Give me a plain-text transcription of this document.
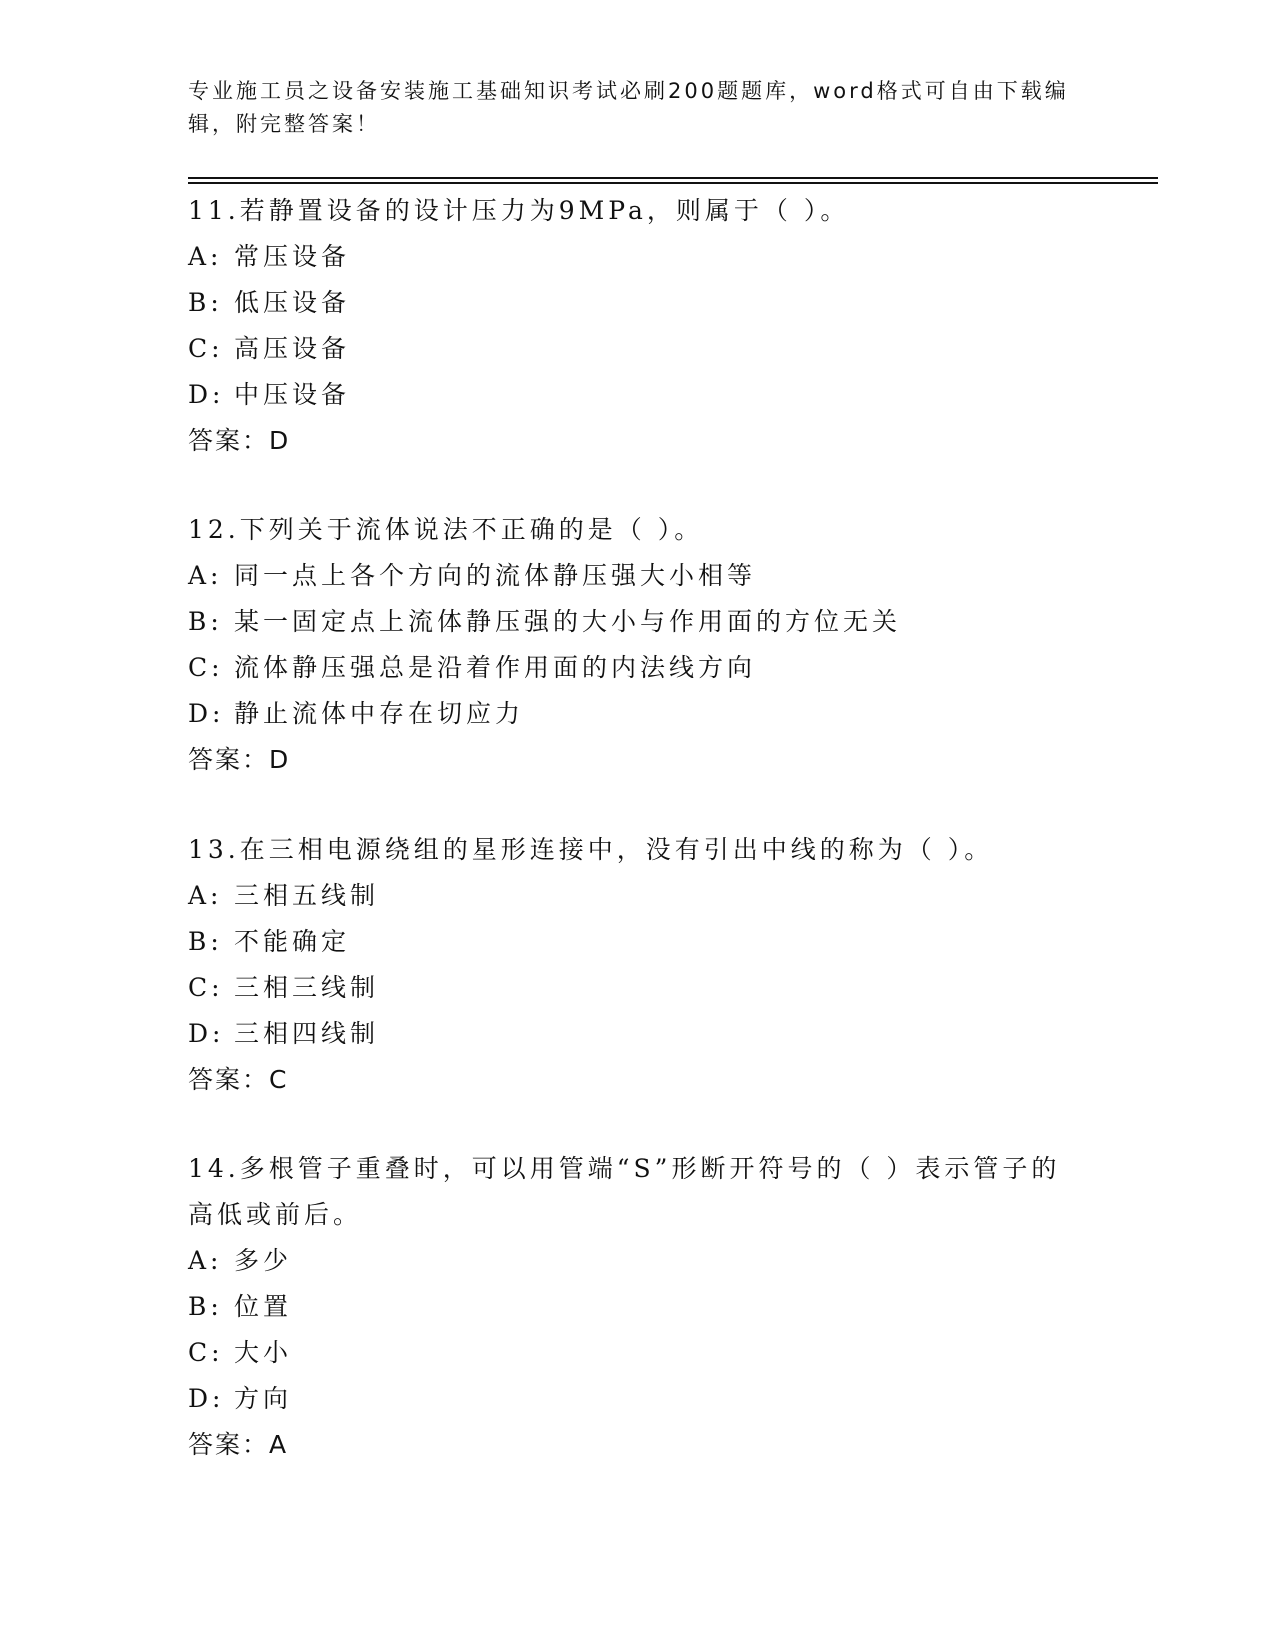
专业施工员之设备安装施工基础知识考试必刷200题题库，word格式可自由下载编辑，附完整答案！
11.若静置设备的设计压力为9MPa，则属于（ ）。
A: 常压设备
B: 低压设备
C: 高压设备
D: 中压设备
答案：D
12.下列关于流体说法不正确的是（ ）。
A: 同一点上各个方向的流体静压强大小相等
B: 某一固定点上流体静压强的大小与作用面的方位无关
C: 流体静压强总是沿着作用面的内法线方向
D: 静止流体中存在切应力
答案：D
13.在三相电源绕组的星形连接中，没有引出中线的称为（ ）。
A: 三相五线制
B: 不能确定
C: 三相三线制
D: 三相四线制
答案：C
14.多根管子重叠时，可以用管端“S”形断开符号的（ ）表示管子的高低或前后。
A: 多少
B: 位置
C: 大小
D: 方向
答案：A
